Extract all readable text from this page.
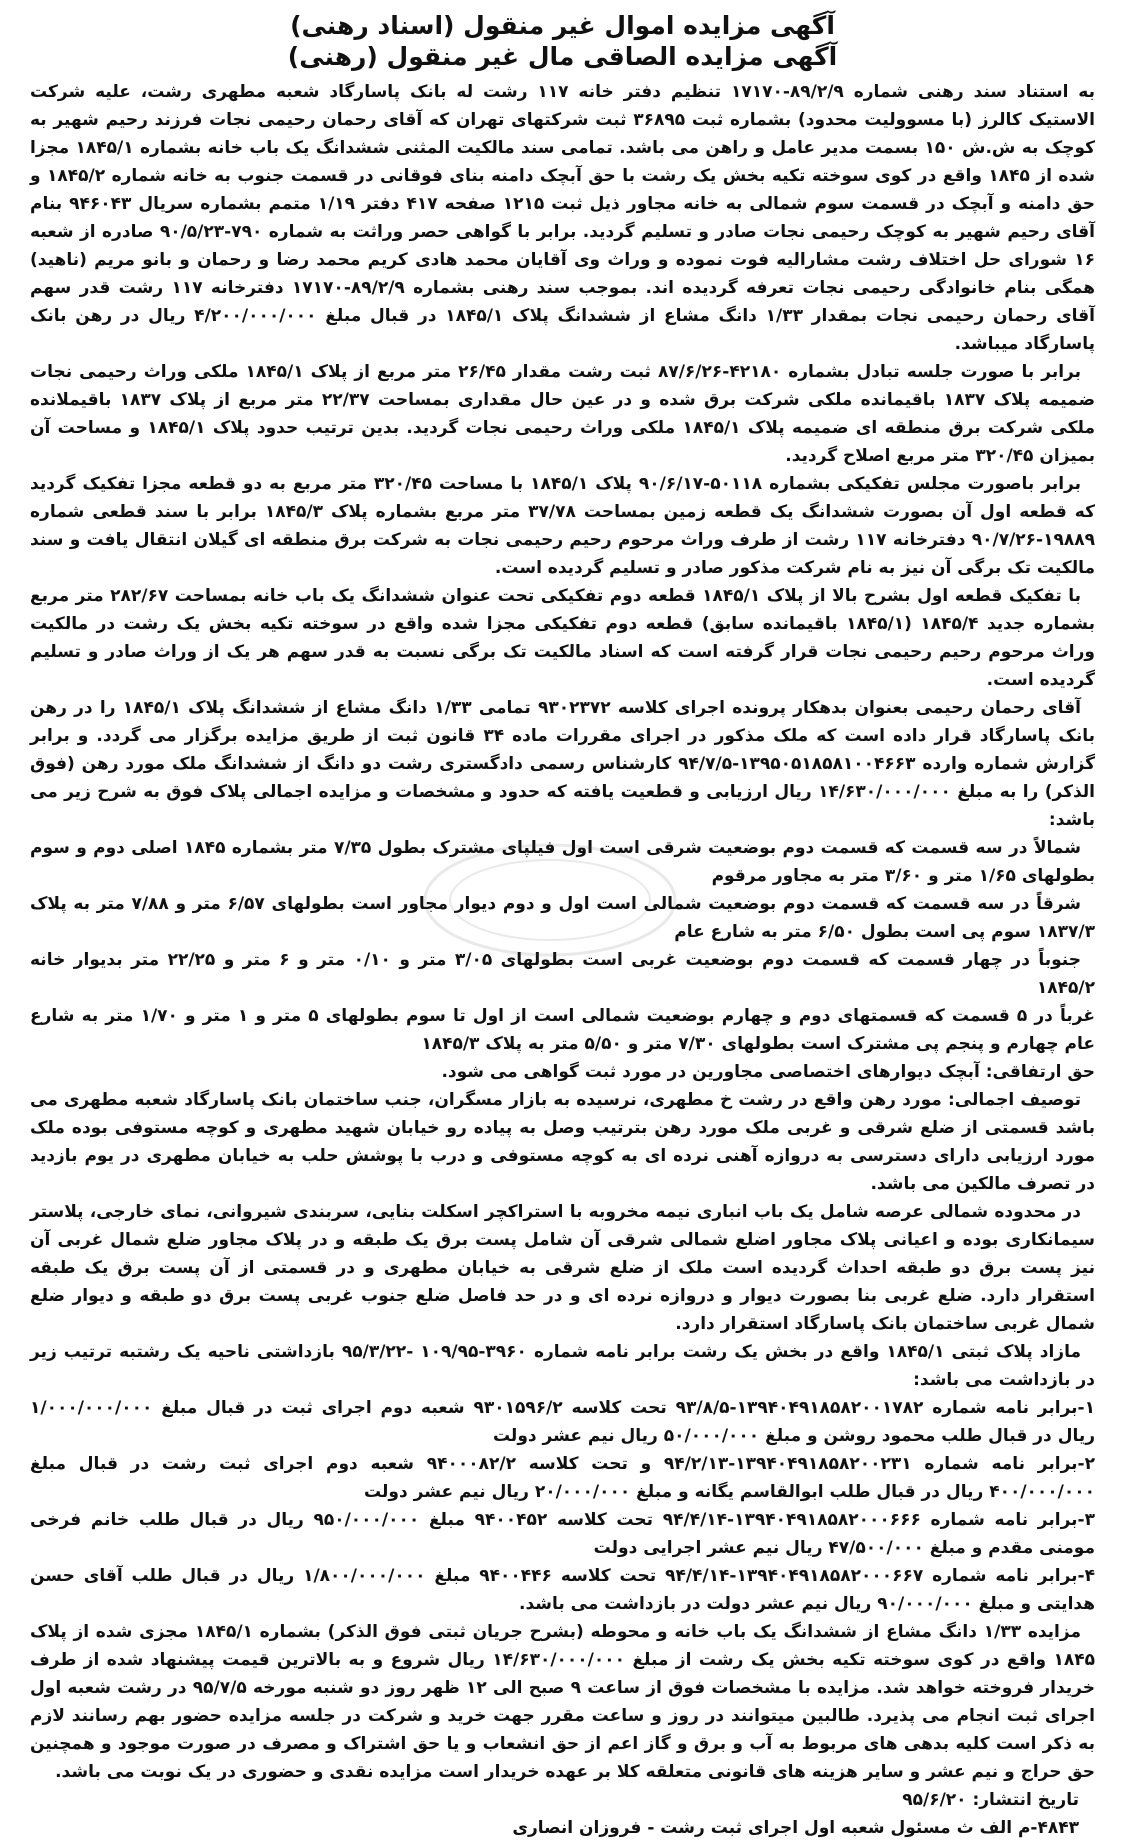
آگهی مزایده اموال غیر منقول (اسناد رهنی)
آگهی مزایده الصاقی مال غیر منقول (رهنی)

به استناد سند رهنی شماره ۸۹/۲/۹-۱۷۱۷۰ تنظیم دفتر خانه ۱۱۷ رشت له بانک پاسارگاد شعبه مطهری رشت، علیه شرکت الاستیک کالرز (با مسوولیت محدود) بشماره ثبت ۳۶۸۹۵ ثبت شرکتهای تهران که آقای رحمان رحیمی نجات فرزند رحیم شهیر به کوچک به ش.ش ۱۵۰ بسمت مدیر عامل و راهن می باشد. تمامی سند مالکیت المثنی ششدانگ یک باب خانه بشماره ۱۸۴۵/۱ مجزا شده از ۱۸۴۵ واقع در کوی سوخته تکیه بخش یک رشت با حق آبچک دامنه بنای فوقانی در قسمت جنوب به خانه شماره ۱۸۴۵/۲ و حق دامنه و آبچک در قسمت سوم شمالی به خانه مجاور ذیل ثبت ۱۲۱۵ صفحه ۴۱۷ دفتر ۱/۱۹ متمم بشماره سریال ۹۴۶۰۴۳ بنام آقای رحیم شهیر به کوچک رحیمی نجات صادر و تسلیم گردید. برابر با گواهی حصر وراثت به شماره ۷۹۰-۹۰/۵/۲۳ صادره از شعبه ۱۶ شورای حل اختلاف رشت مشارالیه فوت نموده و وراث وی آقایان محمد هادی کریم محمد رضا و رحمان و بانو مریم (ناهید) همگی بنام خانوادگی رحیمی نجات تعرفه گردیده اند. بموجب سند رهنی بشماره ۸۹/۲/۹-۱۷۱۷۰ دفترخانه ۱۱۷ رشت قدر سهم آقای رحمان رحیمی نجات بمقدار ۱/۳۳ دانگ مشاع از ششدانگ پلاک ۱۸۴۵/۱ در قبال مبلغ ۴/۲۰۰/۰۰۰/۰۰۰ ریال در رهن بانک پاسارگاد میباشد.

برابر با صورت جلسه تبادل بشماره ۴۲۱۸۰-۸۷/۶/۲۶ ثبت رشت مقدار ۲۶/۴۵ متر مربع از پلاک ۱۸۴۵/۱ ملکی وراث رحیمی نجات ضمیمه پلاک ۱۸۳۷ باقیمانده ملکی شرکت برق شده و در عین حال مقداری بمساحت ۲۲/۳۷ متر مربع از پلاک ۱۸۳۷ باقیملانده ملکی شرکت برق منطقه ای ضمیمه پلاک ۱۸۴۵/۱ ملکی وراث رحیمی نجات گردید. بدین ترتیب حدود پلاک ۱۸۴۵/۱ و مساحت آن بمیزان ۳۲۰/۴۵ متر مربع اصلاح گردید.

برابر باصورت مجلس تفکیکی بشماره ۵۰۱۱۸-۹۰/۶/۱۷ پلاک ۱۸۴۵/۱ با مساحت ۳۲۰/۴۵ متر مربع به دو قطعه مجزا تفکیک گردید که قطعه اول آن بصورت ششدانگ یک قطعه زمین بمساحت ۳۷/۷۸ متر مربع بشماره پلاک ۱۸۴۵/۳ برابر با سند قطعی شماره ۱۹۸۸۹-۹۰/۷/۲۶ دفترخانه ۱۱۷ رشت از طرف وراث مرحوم رحیم رحیمی نجات به شرکت برق منطقه ای گیلان انتقال یافت و سند مالکیت تک برگی آن نیز به نام شرکت مذکور صادر و تسلیم گردیده است.

با تفکیک قطعه اول بشرح بالا از پلاک ۱۸۴۵/۱ قطعه دوم تفکیکی تحت عنوان ششدانگ یک باب خانه بمساحت ۲۸۲/۶۷ متر مربع بشماره جدید ۱۸۴۵/۴ (۱۸۴۵/۱ باقیمانده سابق) قطعه دوم تفکیکی مجزا شده واقع در سوخته تکیه بخش یک رشت در مالکیت وراث مرحوم رحیم رحیمی نجات قرار گرفته است که اسناد مالکیت تک برگی نسبت به قدر سهم هر یک از وراث صادر و تسلیم گردیده است.

آقای رحمان رحیمی بعنوان بدهکار پرونده اجرای کلاسه ۹۳۰۲۳۷۲ تمامی ۱/۳۳ دانگ مشاع از ششدانگ پلاک ۱۸۴۵/۱ را در رهن بانک پاسارگاد قرار داده است که ملک مذکور در اجرای مقررات ماده ۳۴ قانون ثبت از طریق مزایده برگزار می گردد. و برابر گزارش شماره وارده ۱۳۹۵۰۵۱۸۵۸۱۰۰۴۶۶۳-۹۴/۷/۵ کارشناس رسمی دادگستری رشت دو دانگ از ششدانگ ملک مورد رهن (فوق الذکر) را به مبلغ ۱۴/۶۳۰/۰۰۰/۰۰۰ ریال ارزیابی و قطعیت یافته که حدود و مشخصات و مزایده اجمالی پلاک فوق به شرح زیر می باشد:

شمالاً در سه قسمت که قسمت دوم بوضعیت شرقی است اول فیلپای مشترک بطول ۷/۳۵ متر بشماره ۱۸۴۵ اصلی دوم و سوم بطولهای ۱/۶۵ متر و ۳/۶۰ متر به مجاور مرقوم

شرقاً در سه قسمت که قسمت دوم بوضعیت شمالی است اول و دوم دیوار مجاور است بطولهای ۶/۵۷ متر و ۷/۸۸ متر به پلاک ۱۸۳۷/۳ سوم پی است بطول ۶/۵۰ متر به شارع عام

جنوباً در چهار قسمت که قسمت دوم بوضعیت غربی است بطولهای ۳/۰۵ متر و ۰/۱۰ متر و ۶ متر و ۲۲/۲۵ متر بدیوار خانه ۱۸۴۵/۲

غرباً در ۵ قسمت که قسمتهای دوم و چهارم بوضعیت شمالی است از اول تا سوم بطولهای ۵ متر و ۱ متر و ۱/۷۰ متر به شارع عام چهارم و پنجم پی مشترک است بطولهای ۷/۳۰ متر و ۵/۵۰ متر به پلاک ۱۸۴۵/۳

حق ارتفاقی: آبچک دیوارهای اختصاصی مجاورین در مورد ثبت گواهی می شود.

توصیف اجمالی: مورد رهن واقع در رشت خ مطهری، نرسیده به بازار مسگران، جنب ساختمان بانک پاسارگاد شعبه مطهری می باشد قسمتی از ضلع شرقی و غربی ملک مورد رهن بترتیب وصل به پیاده رو خیابان شهید مطهری و کوچه مستوفی بوده ملک مورد ارزیابی دارای دسترسی به دروازه آهنی نرده ای به کوچه مستوفی و درب با پوشش حلب به خیابان مطهری در یوم بازدید در تصرف مالکین می باشد.

در محدوده شمالی عرصه شامل یک باب انباری نیمه مخروبه با استراکچر اسکلت بنایی، سربندی شیروانی، نمای خارجی، پلاستر سیمانکاری بوده و اعیانی پلاک مجاور اضلع شمالی شرقی آن شامل پست برق یک طبقه و در پلاک مجاور ضلع شمال غربی آن نیز پست برق دو طبقه احداث گردیده است ملک از ضلع شرقی به خیابان مطهری و در قسمتی از آن پست برق یک طبقه استقرار دارد. ضلع غربی بنا بصورت دیوار و دروازه نرده ای و در حد فاصل ضلع جنوب غربی پست برق دو طبقه و دیوار ضلع شمال غربی ساختمان بانک پاسارگاد استقرار دارد.

مازاد پلاک ثبتی ۱۸۴۵/۱ واقع در بخش یک رشت برابر نامه شماره ۳۹۶۰-۱۰۹/۹۵ -۹۵/۳/۲۲ بازداشتی ناحیه یک رشتبه ترتیب زیر در بازداشت می باشد:

۱-برابر نامه شماره ۱۳۹۴۰۴۹۱۸۵۸۲۰۰۱۷۸۲-۹۳/۸/۵ تحت کلاسه ۹۳۰۱۵۹۶/۲ شعبه دوم اجرای ثبت در قبال مبلغ ۱/۰۰۰/۰۰۰/۰۰۰ ریال در قبال طلب محمود روشن و مبلغ ۵۰/۰۰۰/۰۰۰ ریال نیم عشر دولت

۲-برابر نامه شماره ۱۳۹۴۰۴۹۱۸۵۸۲۰۰۲۳۱-۹۴/۲/۱۳ و تحت کلاسه ۹۴۰۰۰۸۲/۲ شعبه دوم اجرای ثبت رشت در قبال مبلغ ۴۰۰/۰۰۰/۰۰۰ ریال در قبال طلب ابوالقاسم یگانه و مبلغ ۲۰/۰۰۰/۰۰۰ ریال نیم عشر دولت

۳-برابر نامه شماره ۱۳۹۴۰۴۹۱۸۵۸۲۰۰۰۶۶۶-۹۴/۴/۱۴ تحت کلاسه ۹۴۰۰۴۵۲ مبلغ ۹۵۰/۰۰۰/۰۰۰ ریال در قبال طلب خانم فرخی مومنی مقدم و مبلغ ۴۷/۵۰۰/۰۰۰ ریال نیم عشر اجرایی دولت

۴-برابر نامه شماره ۱۳۹۴۰۴۹۱۸۵۸۲۰۰۰۶۶۷-۹۴/۴/۱۴ تحت کلاسه ۹۴۰۰۴۴۶ مبلغ ۱/۸۰۰/۰۰۰/۰۰۰ ریال در قبال طلب آقای حسن هدایتی و مبلغ ۹۰/۰۰۰/۰۰۰ ریال نیم عشر دولت در بازداشت می باشد.

مزایده ۱/۳۳ دانگ مشاع از ششدانگ یک باب خانه و محوطه (بشرح جریان ثبتی فوق الذکر) بشماره ۱۸۴۵/۱ مجزی شده از پلاک ۱۸۴۵ واقع در کوی سوخته تکیه بخش یک رشت از مبلغ ۱۴/۶۳۰/۰۰۰/۰۰۰ ریال شروع و به بالاترین قیمت پیشنهاد شده از طرف خریدار فروخته خواهد شد. مزایده با مشخصات فوق از ساعت ۹ صبح الی ۱۲ ظهر روز دو شنبه مورخه ۹۵/۷/۵ در رشت شعبه اول اجرای ثبت انجام می پذیرد. طالبین میتوانند در روز و ساعت مقرر جهت خرید و شرکت در جلسه مزایده حضور بهم رسانند لازم به ذکر است کلیه بدهی های مربوط به آب و برق و گاز اعم از حق انشعاب و یا حق اشتراک و مصرف در صورت موجود و همچنین حق حراج و نیم عشر و سایر هزینه های قانونی متعلقه کلا بر عهده خریدار است مزایده نقدی و حضوری در یک نوبت می باشد.

تاریخ انتشار: ۹۵/۶/۲۰

۴۸۴۳-م الف ث مسئول شعبه اول اجرای ثبت رشت - فروزان انصاری
